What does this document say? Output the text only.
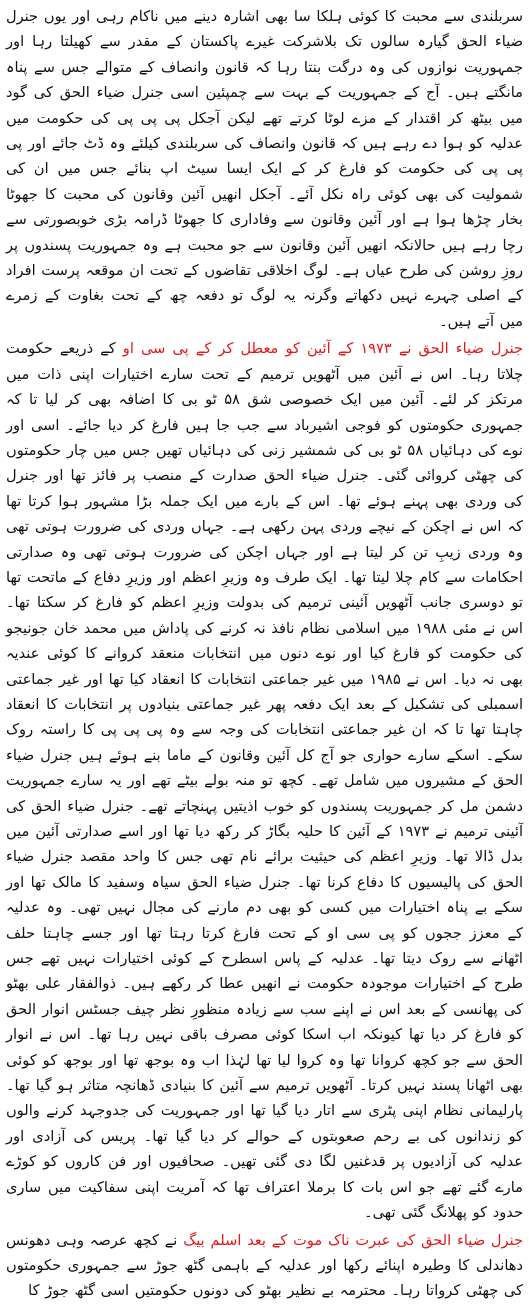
سربلندی سے محبت کا کوئی ہلکا سا بھی اشارہ دینے میں ناکام رہی اور یوں جنرل ضیاء الحق گیارہ سالوں تک بلاشرکت غیرے پاکستان کے مقدر سے کھیلتا رہا اور جمہوریت نوازوں کی وہ درگت بنتا رہا کہ قانون وانصاف کے متوالے جس سے پناہ مانگتے ہیں۔ آج کے جمہوریت کے بہت سے چمپئین اسی جنرل ضیاء الحق کی گود میں بیٹھ کر اقتدار کے مزے لوٹا کرتے تھے لیکن آجکل پی پی پی کی حکومت میں عدلیہ کو ہوا دے رہے ہیں کہ قانون وانصاف کی سربلندی کیلئے وہ ڈٹ جائے اور پی پی پی کی حکومت کو فارغ کر کے ایک ایسا سیٹ اپ بنائے جس میں ان کی شمولیت کی بھی کوئی راہ نکل آئے۔ آجکل انھیں آئین وقانون کی محبت کا جھوٹا بخار چڑھا ہوا ہے اور آئین وقانون سے وفاداری کا جھوٹا ڈرامہ بڑی خوبصورتی سے رچا رہے ہیں حالانکہ انھیں آئین وقانون سے جو محبت ہے وہ جمہوریت پسندوں پر روزِ روشن کی طرح عیاں ہے۔ لوگ اخلاقی تقاضوں کے تحت ان موقعہ پرست افراد کے اصلی چہرے نہیں دکھاتے وگرنہ یہ لوگ تو دفعہ چھ کے تحت بغاوت کے زمرے میں آتے ہیں۔

جنرل ضیاء الحق نے ۱۹۷۳ کے آئین کو معطل کر کے پی سی او کے ذریعے حکومت چلاتا رہا۔ اس نے آئین میں آٹھویں ترمیم کے تحت سارے اختیارات اپنی ذات میں مرتکز کر لئے۔ آئین میں ایک خصوصی شق ۵۸ ٹو بی کا اضافہ بھی کر لیا تا کہ جمہوری حکومتوں کو فوجی اشیرباد سے جب جا ہیں فارغ کر دیا جائے۔ اسی اور نوے کی دہائیاں ۵۸ ٹو بی کی شمشیر زنی کی دہائیاں تھیں جس میں چار حکومتوں کی چھٹی کروائی گئی۔ جنرل ضیاء الحق صدارت کے منصب پر فائز تھا اور جنرل کی وردی بھی پہنے ہوئے تھا۔ اس کے بارے میں ایک جملہ بڑا مشہور ہوا کرتا تھا کہ اس نے اچکن کے نیچے وردی پہن رکھی ہے۔ جہاں وردی کی ضرورت ہوتی تھی وہ وردی زیبِ تن کر لیتا ہے اور جہاں اچکن کی ضرورت ہوتی تھی وہ صدارتی احکامات سے کام چلا لیتا تھا۔ ایک طرف وہ وزیرِ اعظم اور وزیرِ دفاع کے ماتحت تھا تو دوسری جانب آٹھویں آئینی ترمیم کی بدولت وزیرِ اعظم کو فارغ کر سکتا تھا۔ اس نے مئی ۱۹۸۸ میں اسلامی نظام نافذ نہ کرنے کی پاداش میں محمد خان جونیجو کی حکومت کو فارغ کیا اور نوے دنوں میں انتخابات منعقد کروانے کا کوئی عندیہ بھی نہ دیا۔ اس نے ۱۹۸۵ میں غیر جماعتی انتخابات کا انعقاد کیا تھا اور غیر جماعتی اسمبلی کی تشکیل کے بعد ایک دفعہ پھر غیر جماعتی بنیادوں پر انتخابات کا انعقاد چاہتا تھا تا کہ ان غیر جماعتی انتخابات کی وجہ سے وہ پی پی پی کا راستہ روک سکے۔ اسکے سارے حواری جو آج کل آئین وقانون کے ماما بنے ہوئے ہیں جنرل ضیاء الحق کے مشیروں میں شامل تھے۔ کچھ تو منہ بولے بیٹے تھے اور یہ سارے جمہوریت دشمن مل کر جمہوریت پسندوں کو خوب اذیتیں پہنچاتے تھے۔ جنرل ضیاء الحق کی آئینی ترمیم نے ۱۹۷۳ کے آئین کا حلیہ بگاڑ کر رکھ دیا تھا اور اسے صدارتی آئین میں بدل ڈالا تھا۔ وزیرِ اعظم کی حیثیت برائے نام تھی جس کا واحد مقصد جنرل ضیاء الحق کی پالیسیوں کا دفاع کرنا تھا۔ جنرل ضیاء الحق سیاہ وسفید کا مالک تھا اور سکے بے پناہ اختیارات میں کسی کو بھی دم مارنے کی مجال نہیں تھی۔ وہ عدلیہ کے معزز ججوں کو پی سی او کے تحت فارغ کرتا رہتا تھا اور جسے چاہتا حلف اٹھانے سے روک دیتا تھا۔ عدلیہ کے پاس اسطرح کے کوئی اختیارات نہیں تھے جس طرح کے اختیارات موجودہ حکومت نے انھیں عطا کر رکھے ہیں۔ ذوالفقار علی بھٹو کی پھانسی کے بعد اس نے اپنے سب سے زیادہ منظورِ نظر چیف جسٹس انوار الحق کو فارغ کر دیا تھا کیونکہ اب اسکا کوئی مصرف باقی نہیں رہا تھا۔ اس نے انوار الحق سے جو کچھ کروانا تھا وہ کروا لیا تھا لہٰذا اب وہ بوجھ تھا اور بوجھ کو کوئی بھی اٹھانا پسند نہیں کرتا۔ آٹھویں ترمیم سے آئین کا بنیادی ڈھانچہ متاثر ہو گیا تھا۔ پارلیمانی نظام اپنی پٹری سے اتار دیا گیا تھا اور جمہوریت کی جدوجہد کرنے والوں کو زندانوں کی بے رحم صعوبتوں کے حوالے کر دیا گیا تھا۔ پریس کی آزادی اور عدلیہ کی آزادیوں پر قدغنیں لگا دی گئی تھیں۔ صحافیوں اور فن کاروں کو کوڑے مارے گئے تھے جو اس بات کا برملا اعتراف تھا کہ آمریت اپنی سفاکیت میں ساری حدود کو پھلانگ گئی تھی۔

جنرل ضیاء الحق کی عبرت ناک موت کے بعد اسلم بیگ نے کچھ عرصہ وہی دھونس دھاندلی کا وطیرہ اپنائے رکھا اور عدلیہ کے باہمی گٹھ جوڑ سے جمہوری حکومتوں کی چھٹی کرواتا رہا۔ محترمہ بے نظیر بھٹو کی دونوں حکومتیں اسی گٹھ جوڑ کا
